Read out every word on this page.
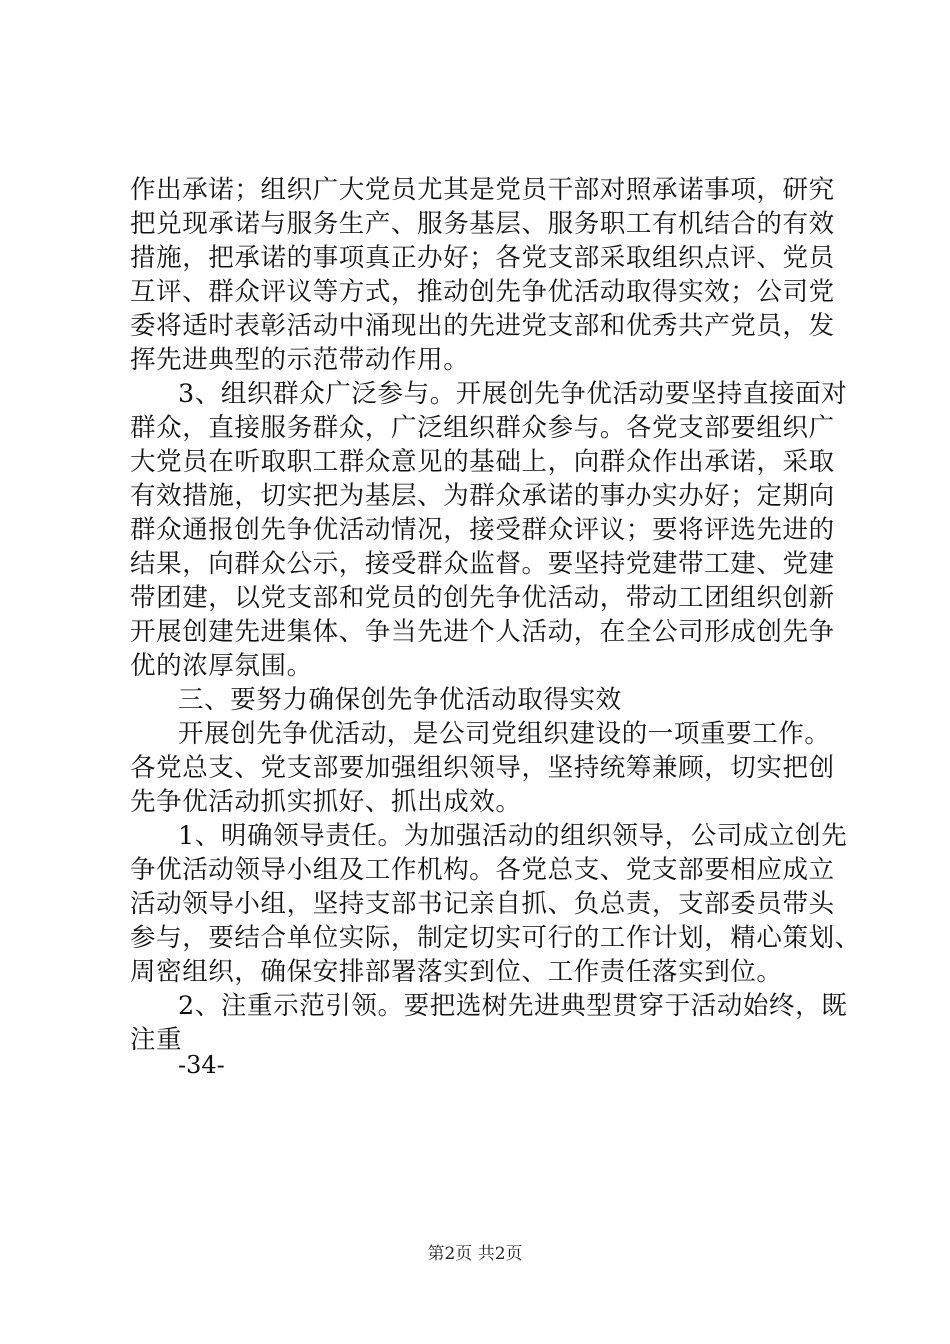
作出承诺；组织广大党员尤其是党员干部对照承诺事项，研究
把兑现承诺与服务生产、服务基层、服务职工有机结合的有效
措施，把承诺的事项真正办好；各党支部采取组织点评、党员
互评、群众评议等方式，推动创先争优活动取得实效；公司党
委将适时表彰活动中涌现出的先进党支部和优秀共产党员，发
挥先进典型的示范带动作用。
3、组织群众广泛参与。开展创先争优活动要坚持直接面对
群众，直接服务群众，广泛组织群众参与。各党支部要组织广
大党员在听取职工群众意见的基础上，向群众作出承诺，采取
有效措施，切实把为基层、为群众承诺的事办实办好；定期向
群众通报创先争优活动情况，接受群众评议；要将评选先进的
结果，向群众公示，接受群众监督。要坚持党建带工建、党建
带团建，以党支部和党员的创先争优活动，带动工团组织创新
开展创建先进集体、争当先进个人活动，在全公司形成创先争
优的浓厚氛围。
三、要努力确保创先争优活动取得实效
开展创先争优活动，是公司党组织建设的一项重要工作。
各党总支、党支部要加强组织领导，坚持统筹兼顾，切实把创
先争优活动抓实抓好、抓出成效。
1、明确领导责任。为加强活动的组织领导，公司成立创先
争优活动领导小组及工作机构。各党总支、党支部要相应成立
活动领导小组，坚持支部书记亲自抓、负总责，支部委员带头
参与，要结合单位实际，制定切实可行的工作计划，精心策划、
周密组织，确保安排部署落实到位、工作责任落实到位。
2、注重示范引领。要把选树先进典型贯穿于活动始终，既
注重
-34-
第2页 共2页
